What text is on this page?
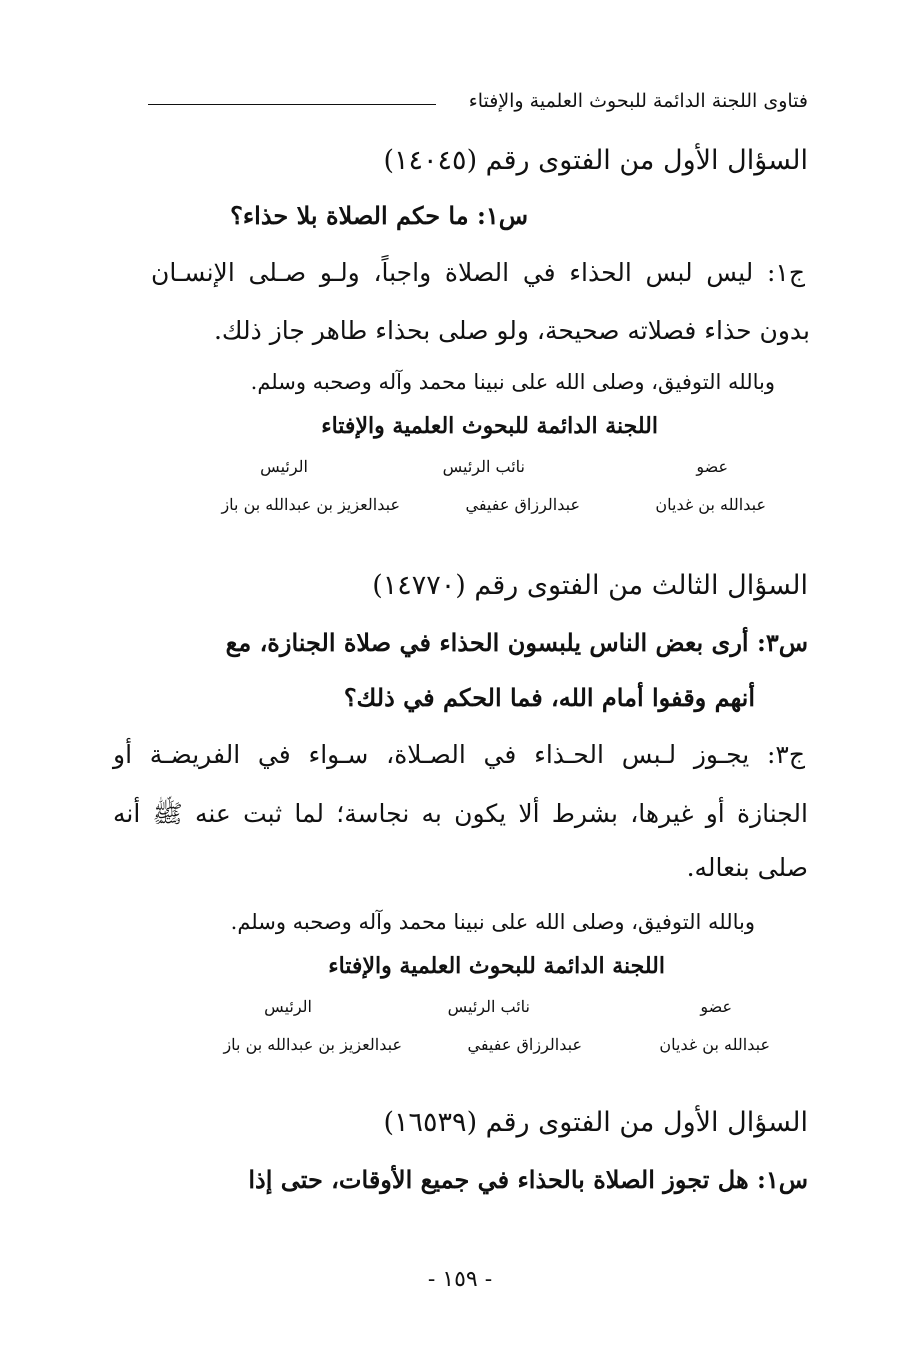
فتاوى اللجنة الدائمة للبحوث العلمية والإفتاء
السؤال الأول من الفتوى رقم (١٤٠٤٥)
س١: ما حكم الصلاة بلا حذاء؟
ج١: ليس لبس الحذاء في الصلاة واجباً، ولـو صـلى الإنسـان
بدون حذاء فصلاته صحيحة، ولو صلى بحذاء طاهر جاز ذلك.
وبالله التوفيق، وصلى الله على نبينا محمد وآله وصحبه وسلم.
اللجنة الدائمة للبحوث العلمية والإفتاء
عضو
نائب الرئيس
الرئيس
عبدالله بن غديان
عبدالرزاق عفيفي
عبدالعزيز بن عبدالله بن باز
السؤال الثالث من الفتوى رقم (١٤٧٧٠)
س٣: أرى بعض الناس يلبسون الحذاء في صلاة الجنازة، مع
أنهم وقفوا أمام الله، فما الحكم في ذلك؟
ج٣: يجـوز لـبس الحـذاء في الصـلاة، سـواء في الفريضـة أو
الجنازة أو غيرها، بشرط ألا يكون به نجاسة؛ لما ثبت عنه ﷺ أنه
صلى بنعاله.
وبالله التوفيق، وصلى الله على نبينا محمد وآله وصحبه وسلم.
اللجنة الدائمة للبحوث العلمية والإفتاء
عضو
نائب الرئيس
الرئيس
عبدالله بن غديان
عبدالرزاق عفيفي
عبدالعزيز بن عبدالله بن باز
السؤال الأول من الفتوى رقم (١٦٥٣٩)
س١: هل تجوز الصلاة بالحذاء في جميع الأوقات، حتى إذا
- ١٥٩ -
